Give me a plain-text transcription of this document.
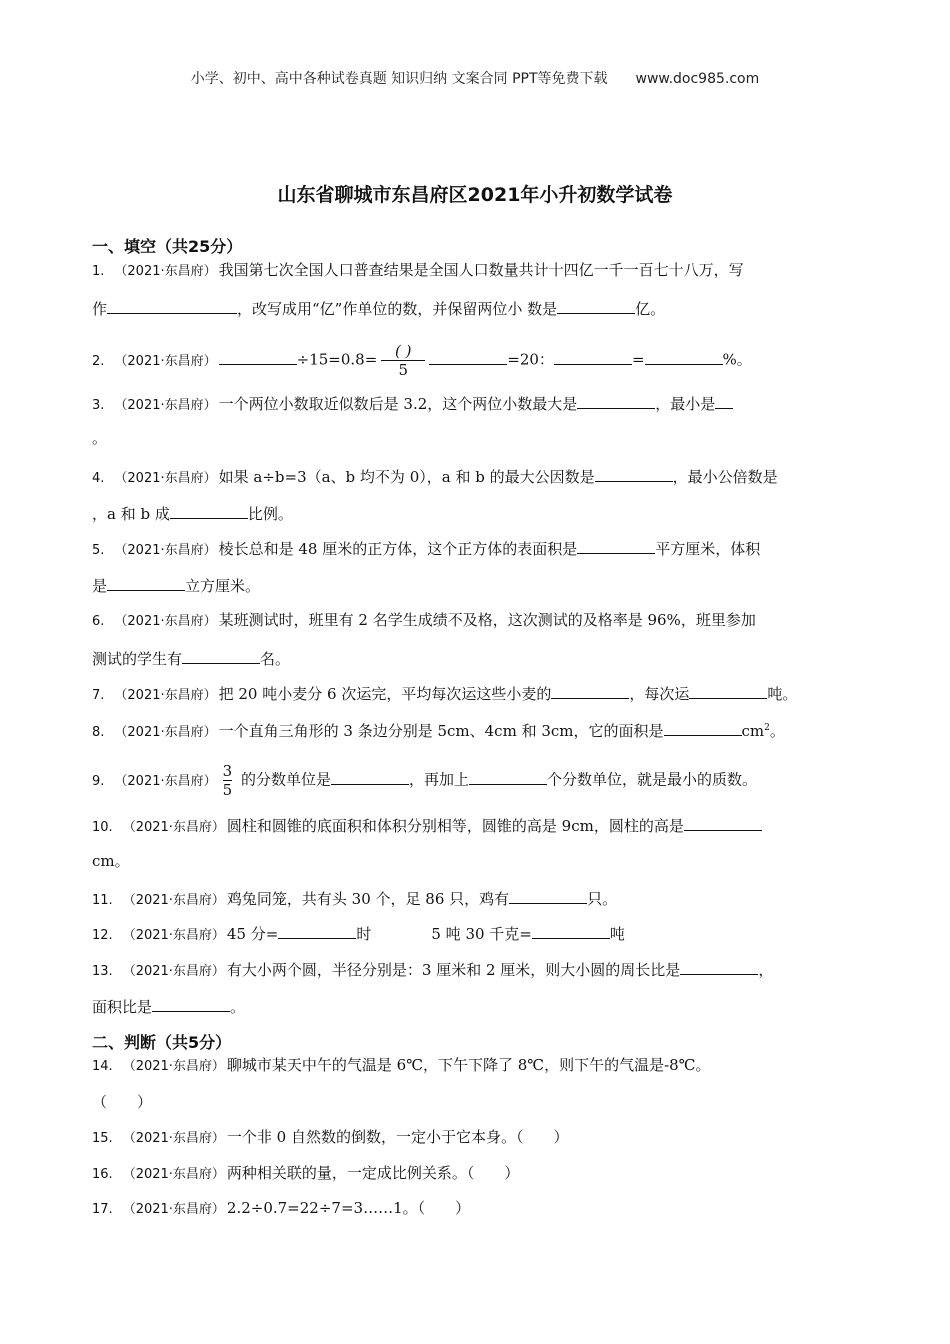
小学、初中、高中各种试卷真题 知识归纳 文案合同 PPT等免费下载 www.doc985.com
山东省聊城市东昌府区2021年小升初数学试卷
一、填空（共25分）
1. （2021·东昌府） 我国第七次全国人口普查结果是全国人口数量共计十四亿一千一百七十八万，写
作	，改写成用“亿”作单位的数，并保留两位小 数是	亿。
2. （2021·东昌府）	$\div 15=0.8= \frac{( )}{5}$	=20：	=	%。
3. （2021·东昌府） 一个两位小数取近似数后是 3.2，这个两位小数最大是	，最小是
。
4. （2021·东昌府） 如果 a÷b=3（a、b 均不为 0），a 和 b 的最大公因数是	，最小公倍数是
，a 和 b 成	比例。
5. （2021·东昌府） 棱长总和是 48 厘米的正方体，这个正方体的表面积是	平方厘米，体积
是	立方厘米。
6. （2021·东昌府） 某班测试时，班里有 2 名学生成绩不及格，这次测试的及格率是 96%，班里参加
测试的学生有	名。
7. （2021·东昌府） 把 20 吨小麦分 6 次运完，平均每次运这些小麦的	，每次运	吨。
8. （2021·东昌府） 一个直角三角形的 3 条边分别是 5cm、4cm 和 3cm，它的面积是	$cm^2$。
9. （2021·东昌府） $\frac{3}{5}$ 的分数单位是	，再加上	个分数单位，就是最小的质数。
10. （2021·东昌府） 圆柱和圆锥的底面积和体积分别相等，圆锥的高是 9cm，圆柱的高是
cm。
11. （2021·东昌府） 鸡兔同笼，共有头 30 个，足 86 只，鸡有	只。
12. （2021·东昌府） 45 分=	时	5 吨 30 千克=	吨
13. （2021·东昌府） 有大小两个圆，半径分别是：3 厘米和 2 厘米，则大小圆的周长比是	，
面积比是	。
二、判断（共5分）
14. （2021·东昌府） 聊城市某天中午的气温是 6℃，下午下降了 8℃，则下午的气温是-8℃。
（　　）
15. （2021·东昌府） 一个非 0 自然数的倒数，一定小于它本身。（　　）
16. （2021·东昌府） 两种相关联的量，一定成比例关系。（　　）
17. （2021·东昌府） 2.2÷0.7=22÷7=3……1。（　　）
